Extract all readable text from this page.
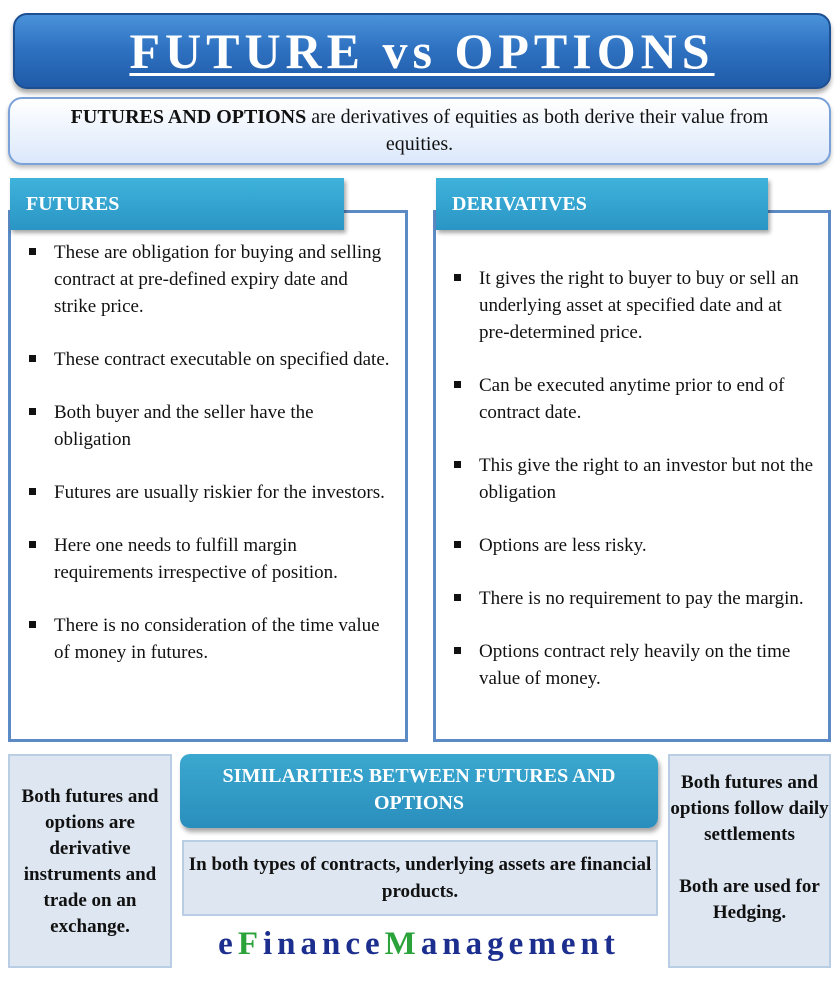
FUTURE vs OPTIONS
FUTURES AND OPTIONS are derivatives of equities as both derive their value from equities.
FUTURES
These are obligation for buying and selling contract at pre-defined expiry date and strike price.
These contract executable on specified date.
Both buyer and the seller have the obligation
Futures are usually riskier for the investors.
Here one needs to fulfill margin requirements irrespective of position.
There is no consideration of the time value of money in futures.
DERIVATIVES
It gives the right to buyer to buy or sell an underlying asset at specified date and at pre-determined price.
Can be executed anytime prior to end of contract date.
This give the right to an investor but not the obligation
Options are less risky.
There is no requirement to pay the margin.
Options contract rely heavily on the time value of money.
Both futures and options are derivative instruments and trade on an exchange.
SIMILARITIES BETWEEN FUTURES AND OPTIONS
In both types of contracts, underlying assets are financial products.

Both futures and options follow daily settlements

Both are used for Hedging.

eFinanceManagement
